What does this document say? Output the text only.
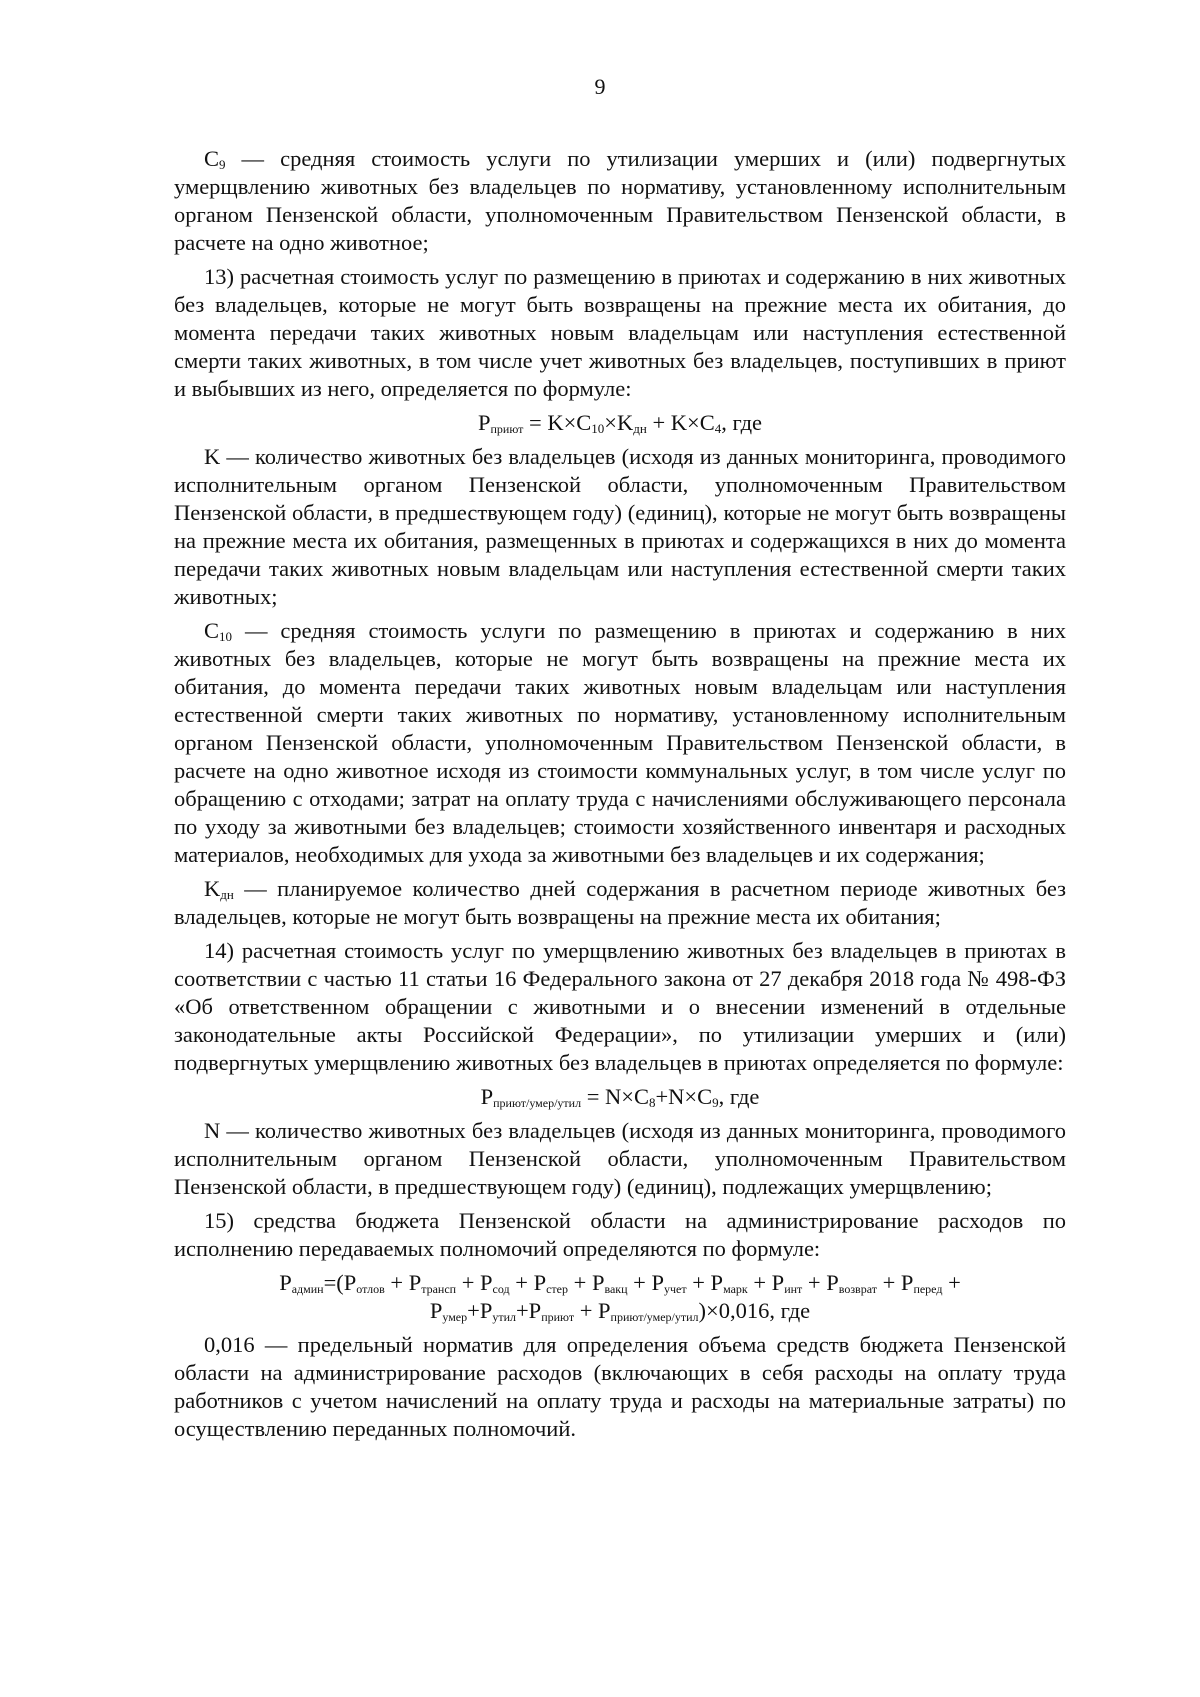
9

$C_9$ — средняя стоимость услуги по утилизации умерших и (или) подвергнутых умерщвлению животных без владельцев по нормативу, установленному исполнительным органом Пензенской области, уполномоченным Правительством Пензенской области, в расчете на одно животное;

13) расчетная стоимость услуг по размещению в приютах и содержанию в них животных без владельцев, которые не могут быть возвращены на прежние места их обитания, до момента передачи таких животных новым владельцам или наступления естественной смерти таких животных, в том числе учет животных без владельцев, поступивших в приют и выбывших из него, определяется по формуле:

$P_{приют} = K\times C_{10}\times K_{дн} + K\times C_4$, где

K — количество животных без владельцев (исходя из данных мониторинга, проводимого исполнительным органом Пензенской области, уполномоченным Правительством Пензенской области, в предшествующем году) (единиц), которые не могут быть возвращены на прежние места их обитания, размещенных в приютах и содержащихся в них до момента передачи таких животных новым владельцам или наступления естественной смерти таких животных;

$C_{10}$ — средняя стоимость услуги по размещению в приютах и содержанию в них животных без владельцев, которые не могут быть возвращены на прежние места их обитания, до момента передачи таких животных новым владельцам или наступления естественной смерти таких животных по нормативу, установленному исполнительным органом Пензенской области, уполномоченным Правительством Пензенской области, в расчете на одно животное исходя из стоимости коммунальных услуг, в том числе услуг по обращению с отходами; затрат на оплату труда с начислениями обслуживающего персонала по уходу за животными без владельцев; стоимости хозяйственного инвентаря и расходных материалов, необходимых для ухода за животными без владельцев и их содержания;

$K_{дн}$ — планируемое количество дней содержания в расчетном периоде животных без владельцев, которые не могут быть возвращены на прежние места их обитания;

14) расчетная стоимость услуг по умерщвлению животных без владельцев в приютах в соответствии с частью 11 статьи 16 Федерального закона от 27 декабря 2018 года № 498-ФЗ «Об ответственном обращении с животными и о внесении изменений в отдельные законодательные акты Российской Федерации», по утилизации умерших и (или) подвергнутых умерщвлению животных без владельцев в приютах определяется по формуле:

$P_{приют/умер/утил} = N\times C_8+N\times C_9$, где

N — количество животных без владельцев (исходя из данных мониторинга, проводимого исполнительным органом Пензенской области, уполномоченным Правительством Пензенской области, в предшествующем году) (единиц), подлежащих умерщвлению;

15) средства бюджета Пензенской области на администрирование расходов по исполнению передаваемых полномочий определяются по формуле:

$P_{админ}=(P_{отлов} + P_{трансп} + P_{сод} + P_{стер} + P_{вакц} + P_{учет} + P_{марк} + P_{инт} + P_{возврат} + P_{перед}$ +
$P_{умер}+P_{утил}+P_{приют} + P_{приют/умер/утил})\times 0,016$, где

0,016 — предельный норматив для определения объема средств бюджета Пензенской области на администрирование расходов (включающих в себя расходы на оплату труда работников с учетом начислений на оплату труда и расходы на материальные затраты) по осуществлению переданных полномочий.
